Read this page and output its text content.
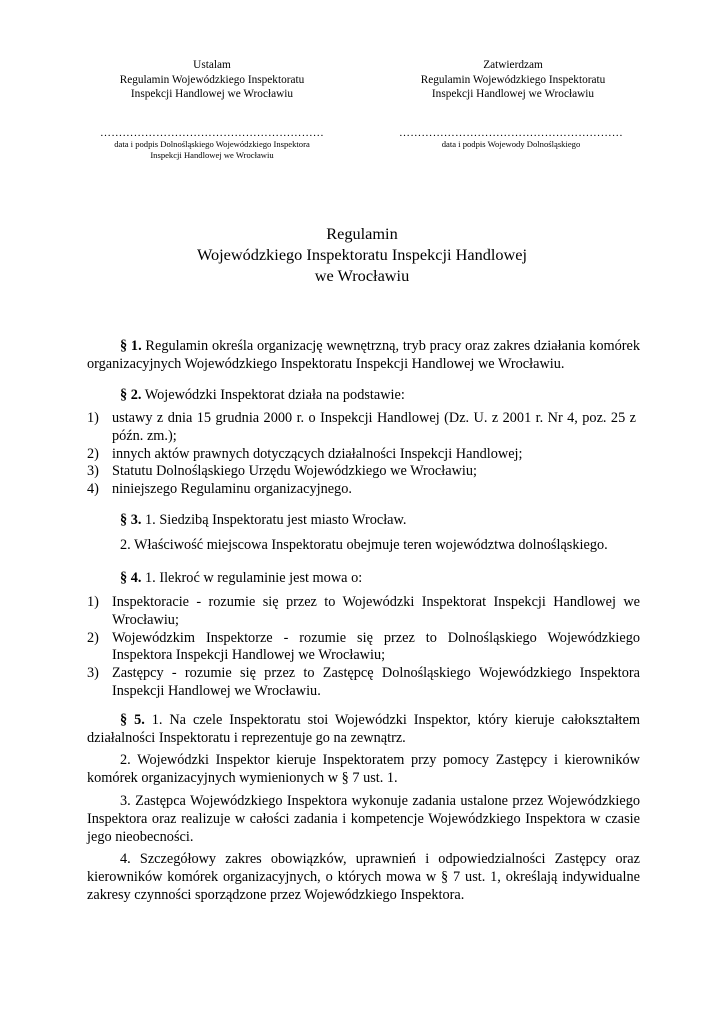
Ustalam
Regulamin Wojewódzkiego Inspektoratu
Inspekcji Handlowej we Wrocławiu
……………………………………………………
data i podpis Dolnośląskiego Wojewódzkiego Inspektora
Inspekcji Handlowej we Wrocławiu
Zatwierdzam
Regulamin Wojewódzkiego Inspektoratu
Inspekcji Handlowej we Wrocławiu
……………………………………………………
data i podpis Wojewody Dolnośląskiego
Regulamin
Wojewódzkiego Inspektoratu Inspekcji Handlowej
we Wrocławiu

§ 1. Regulamin określa organizację wewnętrzną, tryb pracy oraz zakres działania komórek organizacyjnych Wojewódzkiego Inspektoratu Inspekcji Handlowej we Wrocławiu.

§ 2. Wojewódzki Inspektorat działa na podstawie:

1) ustawy z dnia 15 grudnia 2000 r. o Inspekcji Handlowej (Dz. U. z 2001 r. Nr 4, poz. 25 z późn. zm.);
2) innych aktów prawnych dotyczących działalności Inspekcji Handlowej;
3) Statutu Dolnośląskiego Urzędu Wojewódzkiego we Wrocławiu;
4) niniejszego Regulaminu organizacyjnego.

§ 3. 1. Siedzibą Inspektoratu jest miasto Wrocław.

2. Właściwość miejscowa Inspektoratu obejmuje teren województwa dolnośląskiego.

§ 4. 1. Ilekroć w regulaminie jest mowa o:

1) Inspektoracie - rozumie się przez to Wojewódzki Inspektorat Inspekcji Handlowej we Wrocławiu;
2) Wojewódzkim Inspektorze - rozumie się przez to Dolnośląskiego Wojewódzkiego Inspektora Inspekcji Handlowej we Wrocławiu;
3) Zastępcy - rozumie się przez to Zastępcę Dolnośląskiego Wojewódzkiego Inspektora Inspekcji Handlowej we Wrocławiu.

§ 5. 1. Na czele Inspektoratu stoi Wojewódzki Inspektor, który kieruje całokształtem działalności Inspektoratu i reprezentuje go na zewnątrz.

2. Wojewódzki Inspektor kieruje Inspektoratem przy pomocy Zastępcy i kierowników komórek organizacyjnych wymienionych w § 7 ust. 1.

3. Zastępca Wojewódzkiego Inspektora wykonuje zadania ustalone przez Wojewódzkiego Inspektora oraz realizuje w całości zadania i kompetencje Wojewódzkiego Inspektora w czasie jego nieobecności.

4. Szczegółowy zakres obowiązków, uprawnień i odpowiedzialności Zastępcy oraz kierowników komórek organizacyjnych, o których mowa w § 7 ust. 1, określają indywidualne zakresy czynności sporządzone przez Wojewódzkiego Inspektora.
